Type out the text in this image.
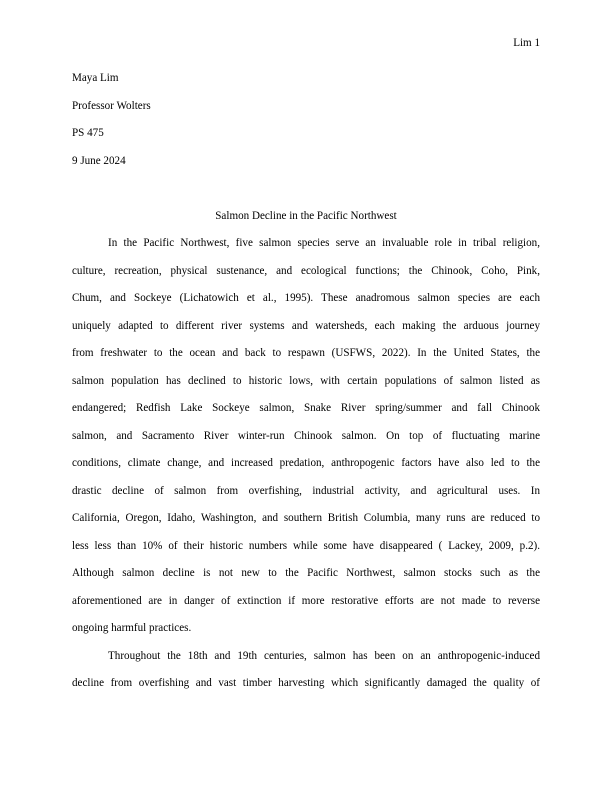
Lim 1
Maya Lim
Professor Wolters
PS 475
9 June 2024
Salmon Decline in the Pacific Northwest
In the Pacific Northwest, five salmon species serve an invaluable role in tribal religion,
culture, recreation, physical sustenance, and ecological functions; the Chinook, Coho, Pink,
Chum, and Sockeye (Lichatowich et al., 1995). These anadromous salmon species are each
uniquely adapted to different river systems and watersheds, each making the arduous journey
from freshwater to the ocean and back to respawn (USFWS, 2022). In the United States, the
salmon population has declined to historic lows, with certain populations of salmon listed as
endangered; Redfish Lake Sockeye salmon, Snake River spring/summer and fall Chinook
salmon, and Sacramento River winter-run Chinook salmon. On top of fluctuating marine
conditions, climate change, and increased predation, anthropogenic factors have also led to the
drastic decline of salmon from overfishing, industrial activity, and agricultural uses. In
California, Oregon, Idaho, Washington, and southern British Columbia, many runs are reduced to
less less than 10% of their historic numbers while some have disappeared ( Lackey, 2009, p.2).
Although salmon decline is not new to the Pacific Northwest, salmon stocks such as the
aforementioned are in danger of extinction if more restorative efforts are not made to reverse
ongoing harmful practices.
Throughout the 18th and 19th centuries, salmon has been on an anthropogenic-induced
decline from overfishing and vast timber harvesting which significantly damaged the quality of
